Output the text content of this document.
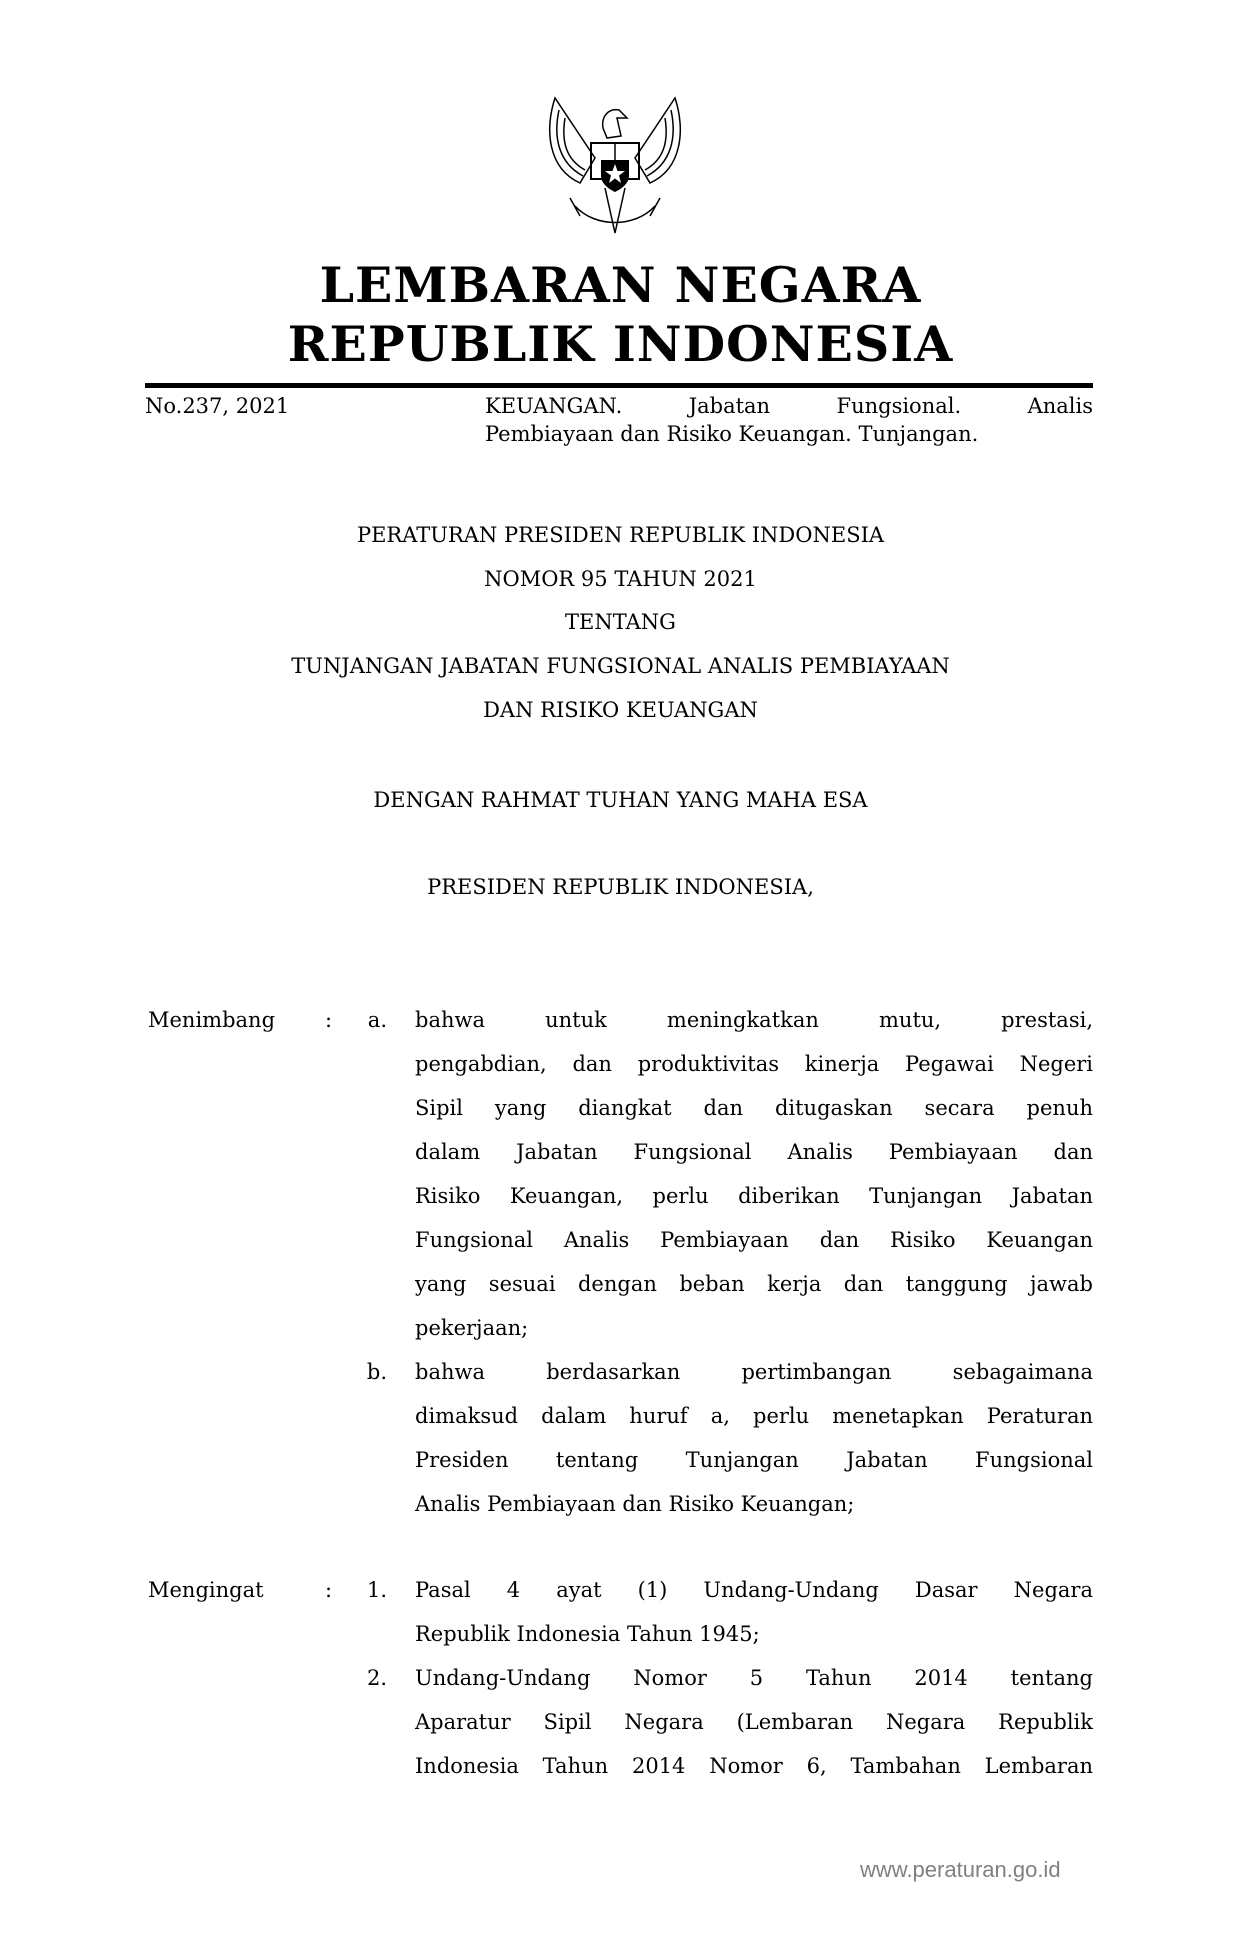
LEMBARAN NEGARA
REPUBLIK INDONESIA
No.237, 2021	KEUANGAN. Jabatan Fungsional. Analis
Pembiayaan dan Risiko Keuangan. Tunjangan.
PERATURAN PRESIDEN REPUBLIK INDONESIA
NOMOR 95 TAHUN 2021
TENTANG
TUNJANGAN JABATAN FUNGSIONAL ANALIS PEMBIAYAAN
DAN RISIKO KEUANGAN
DENGAN RAHMAT TUHAN YANG MAHA ESA
PRESIDEN REPUBLIK INDONESIA,
Menimbang :	a. bahwa untuk meningkatkan mutu, prestasi,
pengabdian, dan produktivitas kinerja Pegawai Negeri
Sipil yang diangkat dan ditugaskan secara penuh
dalam Jabatan Fungsional Analis Pembiayaan dan
Risiko Keuangan, perlu diberikan Tunjangan Jabatan
Fungsional Analis Pembiayaan dan Risiko Keuangan
yang sesuai dengan beban kerja dan tanggung jawab
pekerjaan;
b. bahwa berdasarkan pertimbangan sebagaimana
dimaksud dalam huruf a, perlu menetapkan Peraturan
Presiden tentang Tunjangan Jabatan Fungsional
Analis Pembiayaan dan Risiko Keuangan;
Mengingat	:	1. Pasal 4 ayat (1) Undang-Undang Dasar Negara
Republik Indonesia Tahun 1945;
2. Undang-Undang Nomor 5 Tahun 2014 tentang
Aparatur Sipil Negara (Lembaran Negara Republik
Indonesia Tahun 2014 Nomor 6, Tambahan Lembaran
www.peraturan.go.id
